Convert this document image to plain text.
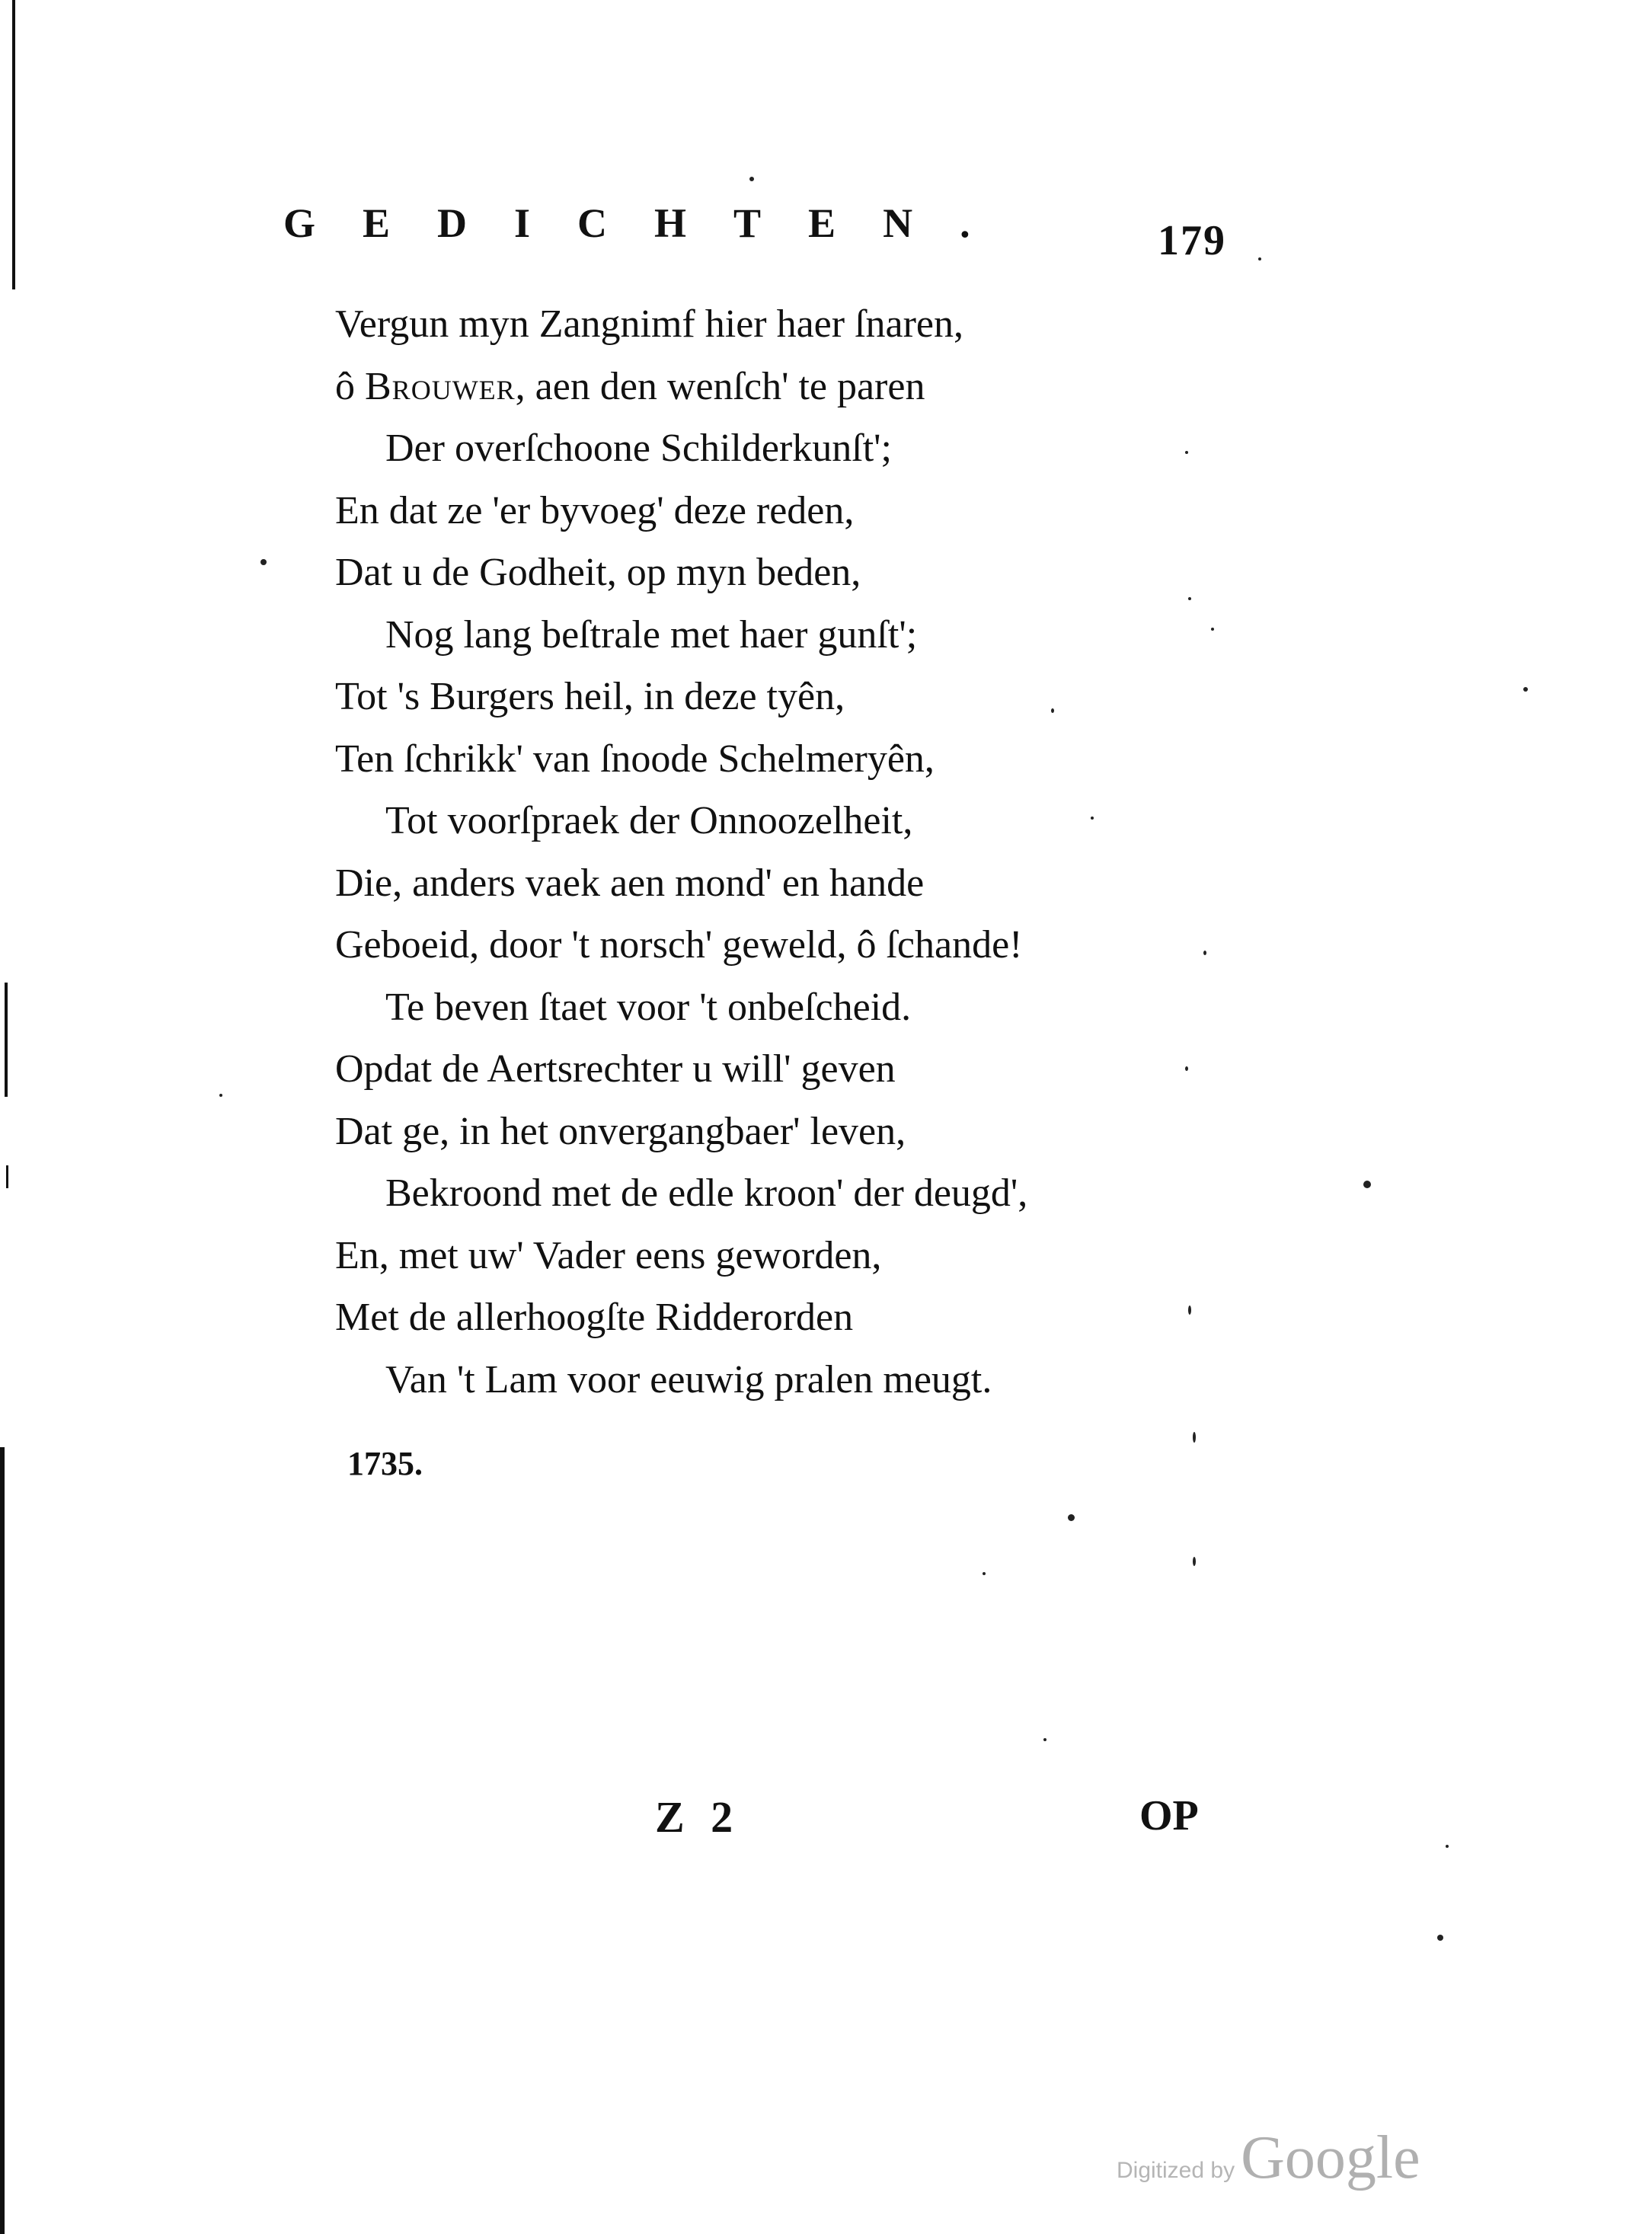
GEDICHTEN.	179
Vergun myn Zangnimf hier haer ſnaren,
ô Brouwer, aen den wenſch' te paren
Der overſchoone Schilderkunſt';
En dat ze 'er byvoeg' deze reden,
Dat u de Godheit, op myn beden,
Nog lang beſtrale met haer gunſt';
Tot 's Burgers heil, in deze tyên,
Ten ſchrikk' van ſnoode Schelmeryên,
Tot voorſpraek der Onnoozelheit,
Die, anders vaek aen mond' en hande
Geboeid, door 't norsch' geweld, ô ſchande!
Te beven ſtaet voor 't onbeſcheid.
Opdat de Aertsrechter u will' geven
Dat ge, in het onvergangbaer' leven,
Bekroond met de edle kroon' der deugd',
En, met uw' Vader eens geworden,
Met de allerhoogſte Ridderorden
Van 't Lam voor eeuwig pralen meugt.
1735.
Z 2	OP
Digitized by Google
